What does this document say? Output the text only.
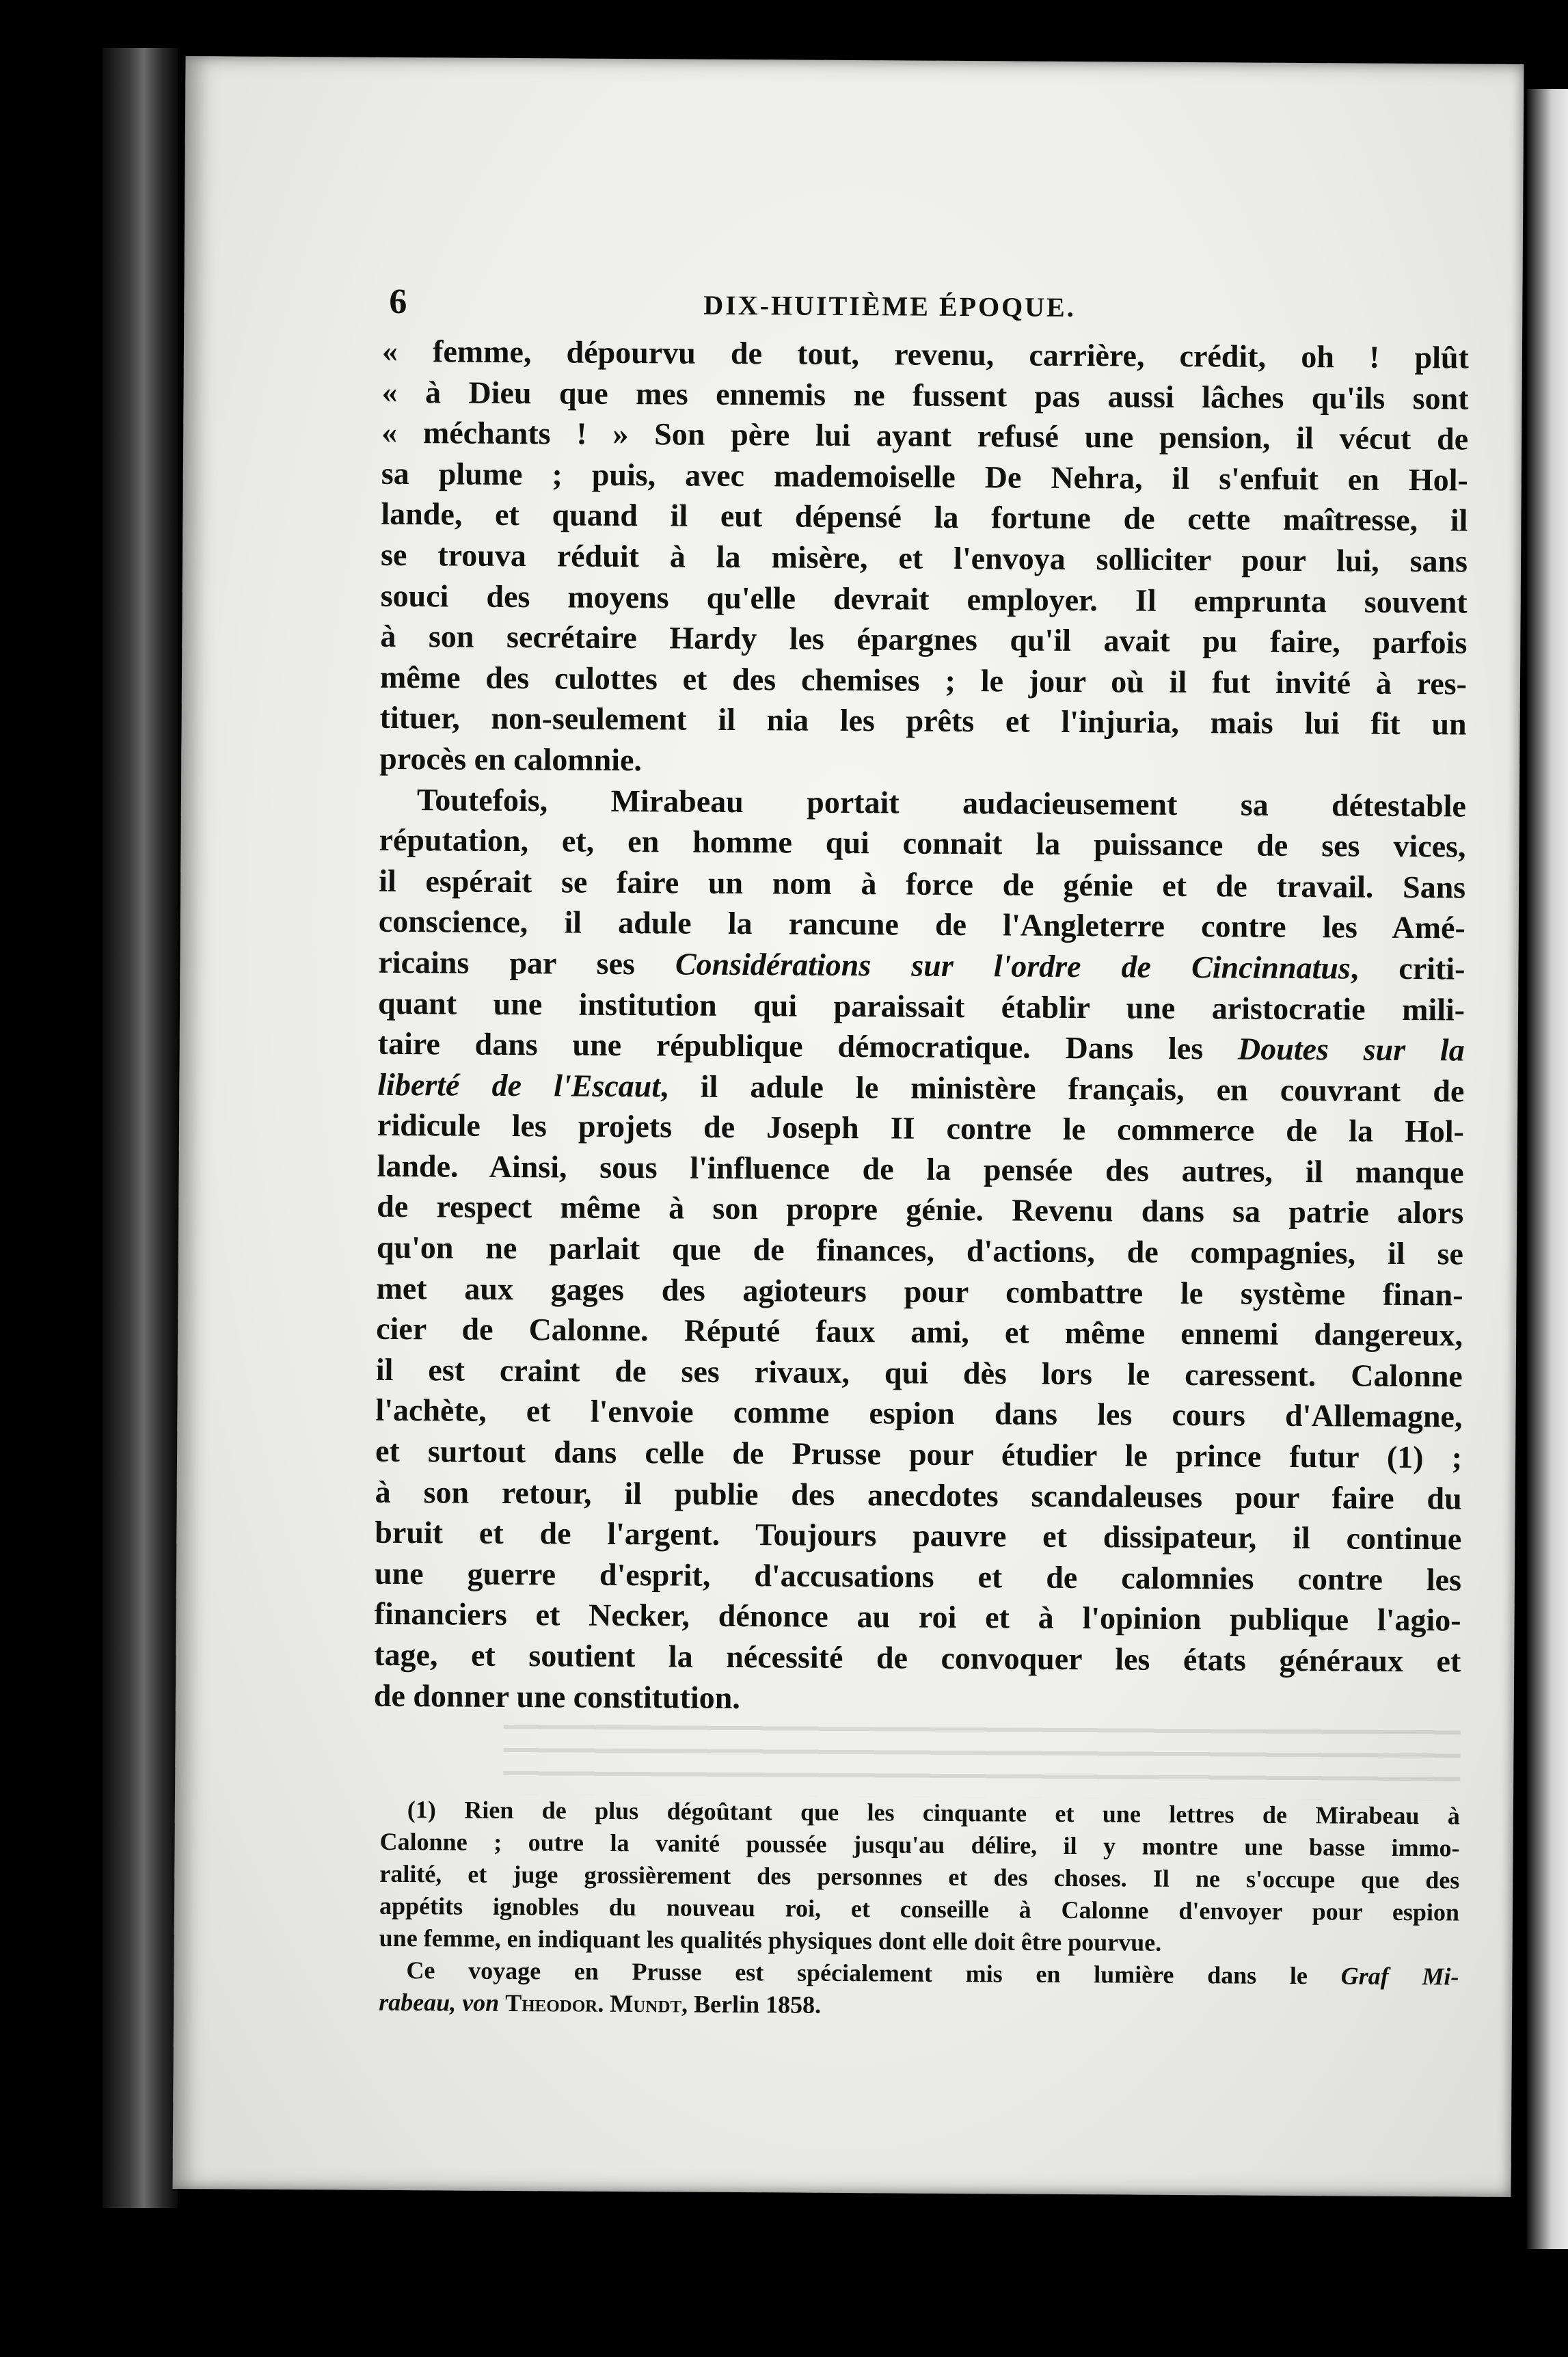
6	DIX-HUITIÈME ÉPOQUE.
« femme, dépourvu de tout, revenu, carrière, crédit, oh ! plût
« à Dieu que mes ennemis ne fussent pas aussi lâches qu'ils sont
« méchants ! » Son père lui ayant refusé une pension, il vécut de
sa plume ; puis, avec mademoiselle De Nehra, il s'enfuit en Hol-
lande, et quand il eut dépensé la fortune de cette maîtresse, il
se trouva réduit à la misère, et l'envoya solliciter pour lui, sans
souci des moyens qu'elle devrait employer. Il emprunta souvent
à son secrétaire Hardy les épargnes qu'il avait pu faire, parfois
même des culottes et des chemises ; le jour où il fut invité à res-
tituer, non-seulement il nia les prêts et l'injuria, mais lui fit un
procès en calomnie.
Toutefois, Mirabeau portait audacieusement sa détestable
réputation, et, en homme qui connait la puissance de ses vices,
il espérait se faire un nom à force de génie et de travail. Sans
conscience, il adule la rancune de l'Angleterre contre les Amé-
ricains par ses Considérations sur l'ordre de Cincinnatus, criti-
quant une institution qui paraissait établir une aristocratie mili-
taire dans une république démocratique. Dans les Doutes sur la
liberté de l'Escaut, il adule le ministère français, en couvrant de
ridicule les projets de Joseph II contre le commerce de la Hol-
lande. Ainsi, sous l'influence de la pensée des autres, il manque
de respect même à son propre génie. Revenu dans sa patrie alors
qu'on ne parlait que de finances, d'actions, de compagnies, il se
met aux gages des agioteurs pour combattre le système finan-
cier de Calonne. Réputé faux ami, et même ennemi dangereux,
il est craint de ses rivaux, qui dès lors le caressent. Calonne
l'achète, et l'envoie comme espion dans les cours d'Allemagne,
et surtout dans celle de Prusse pour étudier le prince futur (1) ;
à son retour, il publie des anecdotes scandaleuses pour faire du
bruit et de l'argent. Toujours pauvre et dissipateur, il continue
une guerre d'esprit, d'accusations et de calomnies contre les
financiers et Necker, dénonce au roi et à l'opinion publique l'agio-
tage, et soutient la nécessité de convoquer les états généraux et
de donner une constitution.
(1) Rien de plus dégoûtant que les cinquante et une lettres de Mirabeau à
Calonne ; outre la vanité poussée jusqu'au délire, il y montre une basse immo-
ralité, et juge grossièrement des personnes et des choses. Il ne s'occupe que des
appétits ignobles du nouveau roi, et conseille à Calonne d'envoyer pour espion
une femme, en indiquant les qualités physiques dont elle doit être pourvue.
Ce voyage en Prusse est spécialement mis en lumière dans le Graf Mi-
rabeau, von Theodor. Mundt, Berlin 1858.
